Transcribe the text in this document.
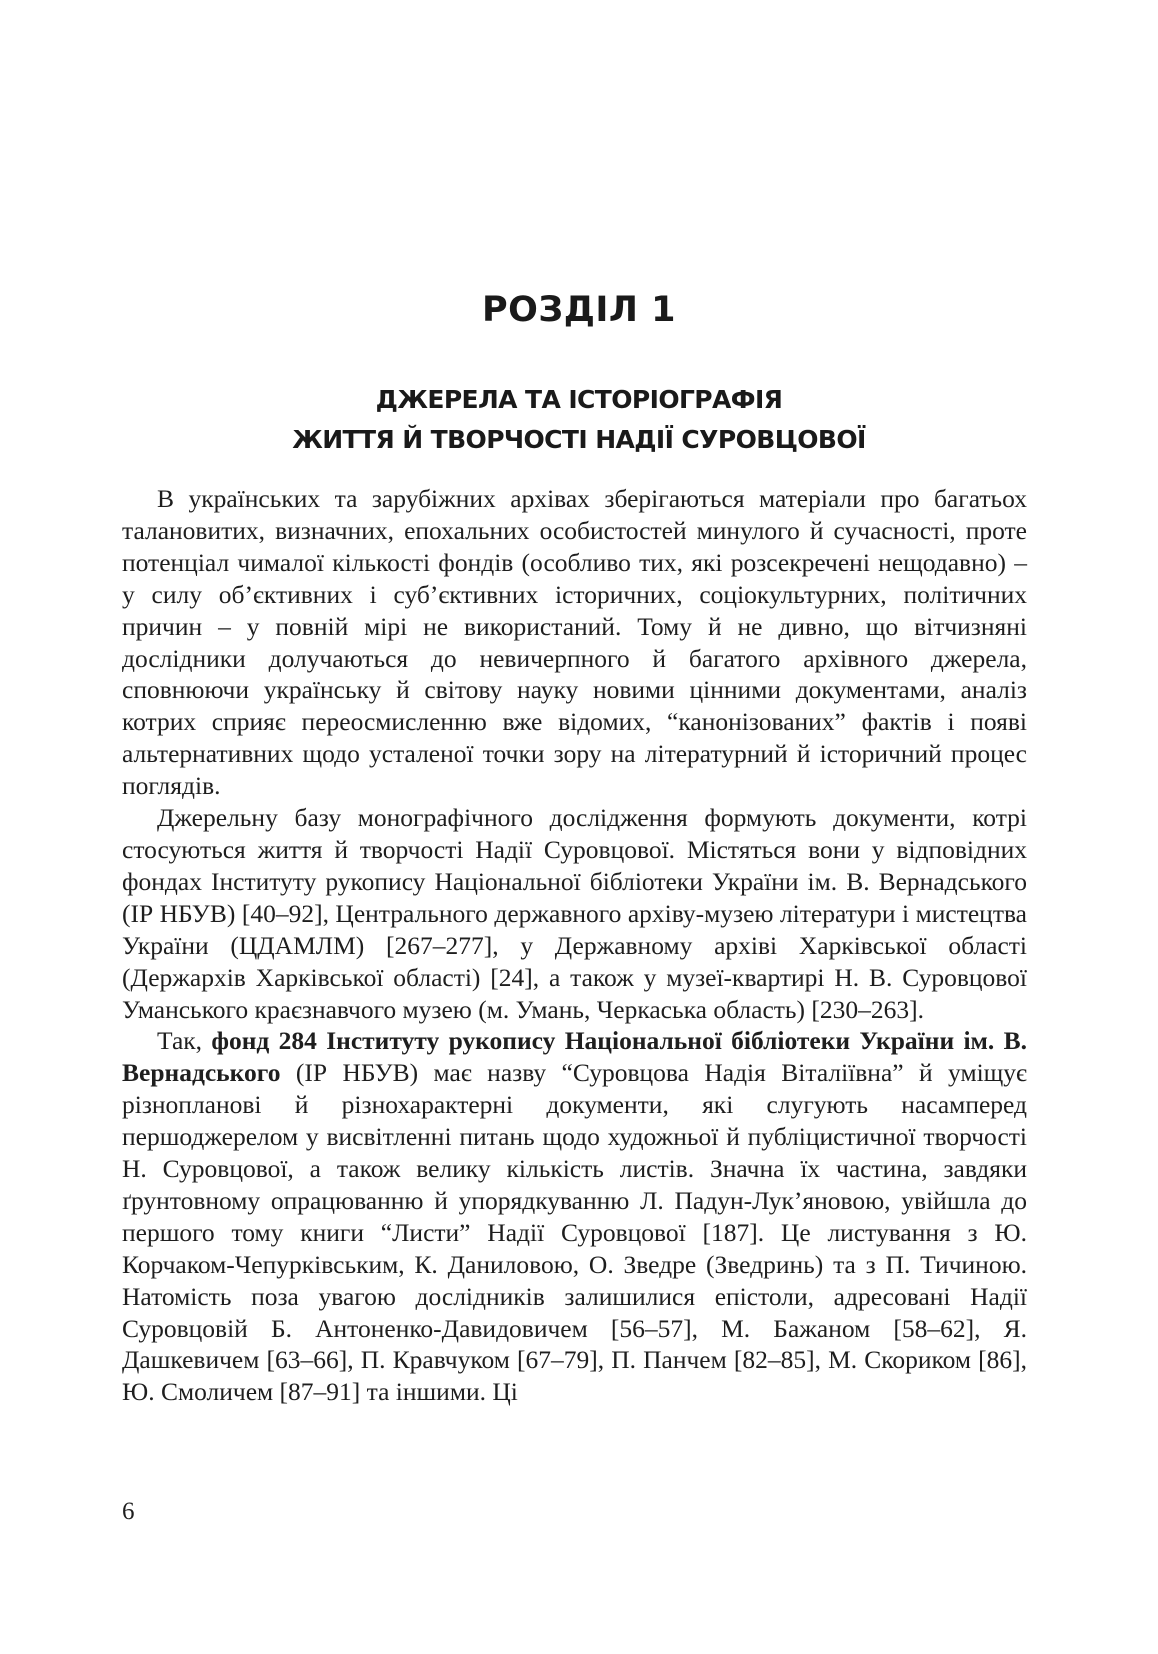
РОЗДІЛ 1
ДЖЕРЕЛА ТА ІСТОРІОГРАФІЯ
ЖИТТЯ Й ТВОРЧОСТІ НАДІЇ СУРОВЦОВОЇ

В українських та зарубіжних архівах зберігаються матеріали про багатьох талановитих, визначних, епохальних особистостей минулого й сучасності, проте потенціал чималої кількості фондів (особливо тих, які розсекречені нещодавно) – у силу об’єктивних і суб’єктивних історичних, соціокультурних, політичних причин – у повній мірі не використаний. Тому й не дивно, що вітчизняні дослідники долучаються до невичерпного й багатого архівного джерела, сповнюючи українську й світову науку новими цінними документами, аналіз котрих сприяє переосмисленню вже відомих, “канонізованих” фактів і появі альтернативних щодо усталеної точки зору на літературний й історичний процес поглядів.

Джерельну базу монографічного дослідження формують документи, котрі стосуються життя й творчості Надії Суровцової. Містяться вони у відповідних фондах Інституту рукопису Національної бібліотеки України ім. В. Вернадського (ІР НБУВ) [40–92], Центрального державного архіву-музею літератури і мистецтва України (ЦДАМЛМ) [267–277], у Державному архіві Харківської області (Держархів Харківської області) [24], а також у музеї-квартирі Н. В. Суровцової Уманського краєзнавчого музею (м. Умань, Черкаська область) [230–263].

Так, фонд 284 Інституту рукопису Національної бібліотеки України ім. В. Вернадського (ІР НБУВ) має назву “Суровцова Надія Віталіївна” й уміщує різнопланові й різнохарактерні документи, які слугують насамперед першоджерелом у висвітленні питань щодо художньої й публіцистичної творчості Н. Суровцової, а також велику кількість листів. Значна їх частина, завдяки ґрунтовному опрацюванню й упорядкуванню Л. Падун-Лук’яновою, увійшла до першого тому книги “Листи” Надії Суровцової [187]. Це листування з Ю. Корчаком-Чепурківським, К. Даниловою, О. Зведре (Зведринь) та з П. Тичиною. Натомість поза увагою дослідників залишилися епістоли, адресовані Надії Суровцовій Б. Антоненко-Давидовичем [56–57], М. Бажаном [58–62], Я. Дашкевичем [63–66], П. Кравчуком [67–79], П. Панчем [82–85], М. Скориком [86], Ю. Смоличем [87–91] та іншими. Ці

6
